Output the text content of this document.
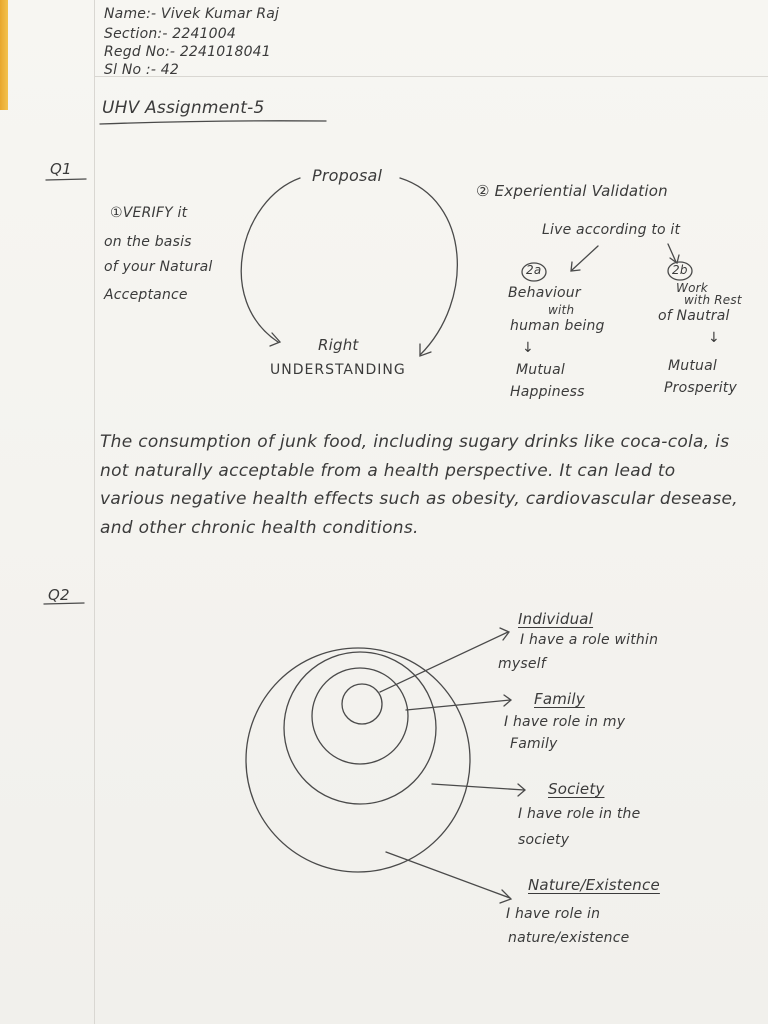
Name:- Vivek Kumar Raj

Section:- 2241004

Regd No:- 2241018041

Sl No :- 42

UHV Assignment-5

Q1	Proposal

①VERIFY it

on the basis

of your Natural

Acceptance

Right

UNDERSTANDING

② Experiential Validation

Live according to it

2a	2b

Behaviour

with

human being

Work

with Rest

of Nautral

↓

↓

Mutual

Happiness

Mutual

Prosperity

The consumption of junk food, including sugary drinks like coca-cola, is not naturally acceptable from a health perspective. It can lead to various negative health effects such as obesity, cardiovascular desease, and other chronic health conditions.

Q2

Individual

I have a role within

myself

Family

I have role in my

Family

Society

I have role in the

society

Nature/Existence

I have role in

nature/existence
